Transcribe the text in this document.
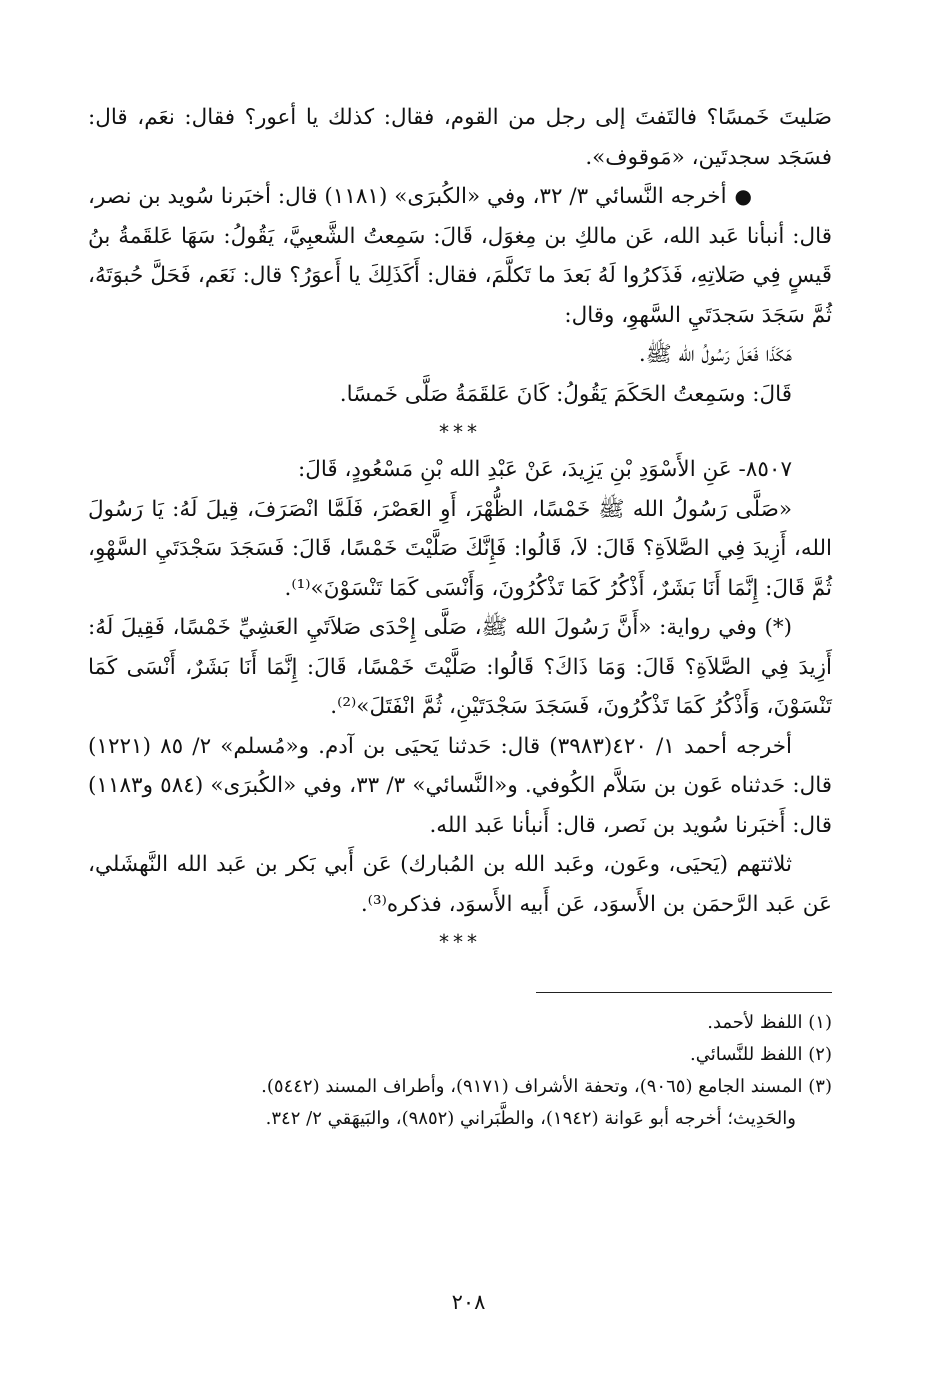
صَليتَ خَمسًا؟ فالتَفتَ إلى رجل من القوم، فقال: كذلك يا أعور؟ فقال: نعَم، قال: فسَجَد سجدتَين، «مَوقوف».

●أخرجه النَّسائي ٣/ ٣٢، وفي «الكُبرَى» (١١٨١) قال: أخبَرنا سُويد بن نصر، قال: أنبأنا عَبد الله، عَن مالكِ بن مِغوَل، قَالَ: سَمِعتُ الشَّعبِيَّ، يَقُولُ: سَهَا عَلقَمةُ بنُ قَيسٍ فِي صَلاتِهِ، فَذَكرُوا لَهُ بَعدَ ما تَكلَّمَ، فقال: أَكَذَلِكَ يا أَعوَرُ؟ قال: نَعَم، فَحَلَّ حُبوَتَهُ، ثُمَّ سَجَدَ سَجدَتَيِ السَّهوِ، وقال:

هَكَذَا فَعَلَ رَسُولُ الله ﷺ.

قَالَ: وسَمِعتُ الحَكَمَ يَقُولُ: كَانَ عَلقَمَةُ صَلَّى خَمسًا.

***

٨٥٠٧- عَنِ الأَسْوَدِ بْنِ يَزِيدَ، عَنْ عَبْدِ الله بْنِ مَسْعُودٍ، قَالَ:

«صَلَّى رَسُولُ الله ﷺ خَمْسًا، الظُّهْرَ، أَوِ العَصْرَ، فَلَمَّا انْصَرَفَ، قِيلَ لَهُ: يَا رَسُولَ الله، أَزِيدَ فِي الصَّلاَةِ؟ قَالَ: لاَ، قَالُوا: فَإِنَّكَ صَلَّيْتَ خَمْسًا، قَالَ: فَسَجَدَ سَجْدَتَيِ السَّهْوِ، ثُمَّ قَالَ: إِنَّمَا أَنَا بَشَرٌ، أَذْكُرُ كَمَا تَذْكُرُونَ، وَأَنْسَى كَمَا تَنْسَوْنَ»⁽¹⁾.

(*) وفي رواية: «أَنَّ رَسُولَ الله ﷺ، صَلَّى إِحْدَى صَلاَتَيِ العَشِيِّ خَمْسًا، فَقِيلَ لَهُ: أَزِيدَ فِي الصَّلاَةِ؟ قَالَ: وَمَا ذَاكَ؟ قَالُوا: صَلَّيْتَ خَمْسًا، قَالَ: إِنَّمَا أَنَا بَشَرٌ، أَنْسَى كَمَا تَنْسَوْنَ، وَأَذْكُرُ كَمَا تَذْكُرُونَ، فَسَجَدَ سَجْدَتَيْنِ، ثُمَّ انْفَتَلَ»⁽²⁾.

أخرجه أحمد ١/ ٤٢٠(٣٩٨٣) قال: حَدثنا يَحيَى بن آدم. و«مُسلم» ٢/ ٨٥ (١٢٢١) قال: حَدثناه عَون بن سَلاَّم الكُوفي. و«النَّسائي» ٣/ ٣٣، وفي «الكُبرَى» (٥٨٤ و١١٨٣) قال: أَخبَرنا سُويد بن نَصر، قال: أَنبأنا عَبد الله.

ثلاثتهم (يَحيَى، وعَون، وعَبد الله بن المُبارك) عَن أَبي بَكر بن عَبد الله النَّهشَلي، عَن عَبد الرَّحمَن بن الأَسوَد، عَن أَبيه الأَسوَد، فذكره⁽³⁾.

***

(١) اللفظ لأحمد.

(٢) اللفظ للنَّسائي.

(٣) المسند الجامع (٩٠٦٥)، وتحفة الأشراف (٩١٧١)، وأطراف المسند (٥٤٤٢).

والحَدِيث؛ أخرجه أبو عَوانة (١٩٤٢)، والطَّبَراني (٩٨٥٢)، والبَيهَقي ٢/ ٣٤٢.

٢٠٨
